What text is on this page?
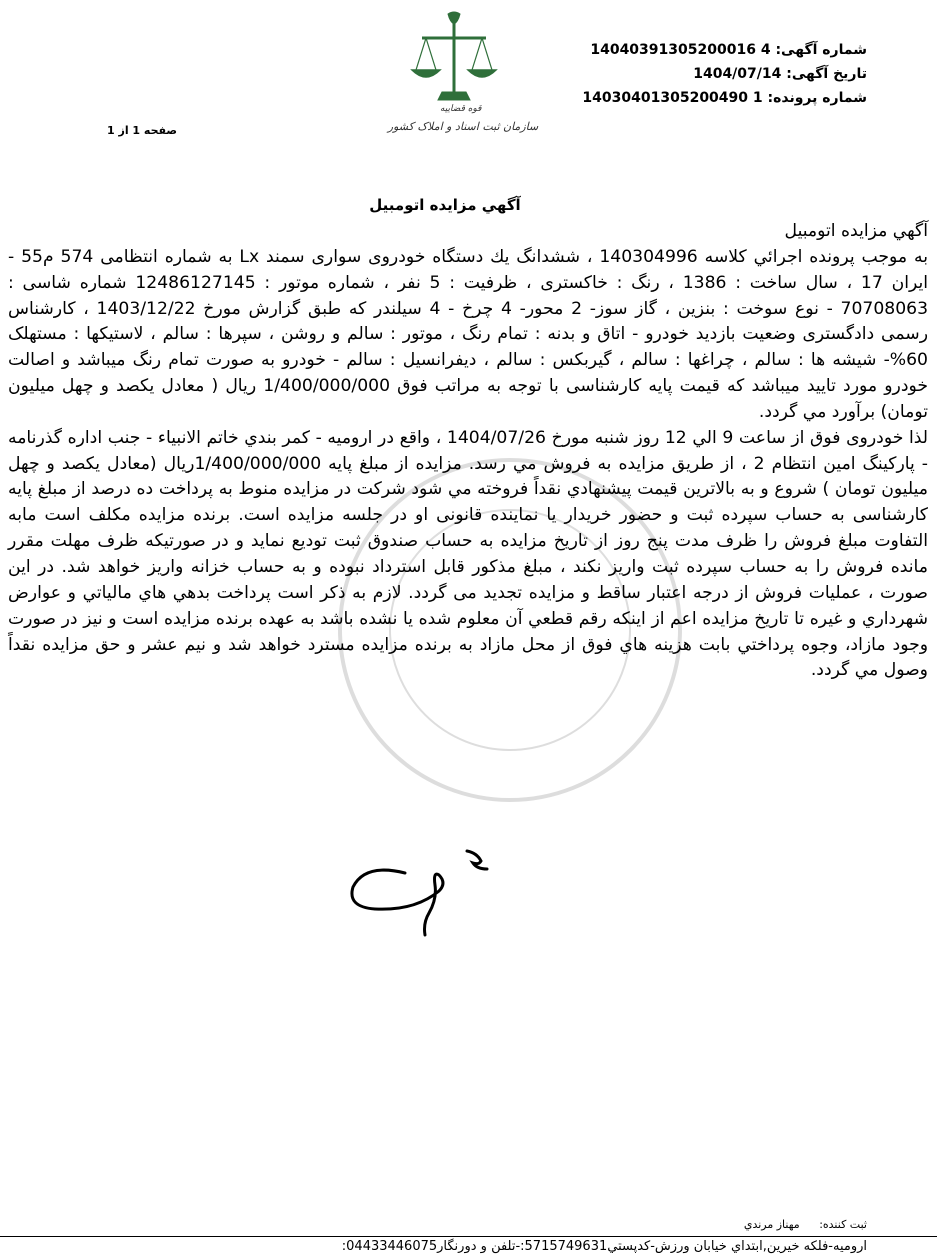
شماره آگهی: 14040391305200016 4
تاریخ آگهی: 1404/07/14
شماره پرونده: 14030401305200490 1
صفحه 1 از 1
قوه قضاییه
سازمان ثبت اسناد و املاک کشور
آگهي مزايده اتومبيل

آگهي مزايده اتومبيل

به موجب پرونده اجرائي كلاسه 140304996 ، ششدانگ يك دستگاه خودروی سواری سمند Lx به شماره انتظامی 574 م55 - ایران 17 ، سال ساخت : 1386 ، رنگ : خاکستری ، ظرفیت : 5 نفر ، شماره موتور : 12486127145 شماره شاسی : 70708063 - نوع سوخت : بنزين ، گاز سوز- 2 محور- 4 چرخ - 4 سیلندر كه طبق گزارش مورخ 1403/12/22 ، كارشناس رسمی دادگستری وضعيت بازديد خودرو - اتاق و بدنه : تمام رنگ ، موتور : سالم و روشن ، سپرها : سالم ، لاستیکها : مستهلک 60%- شیشه ها : سالم ، چراغها : سالم ، گيربكس : سالم ، ديفرانسيل : سالم - خودرو به صورت تمام رنگ ميباشد و اصالت خودرو مورد تاييد ميباشد كه قيمت پايه كارشناسی با توجه به مراتب فوق 1/400/000/000 ريال ( معادل يكصد و چهل ميليون تومان) برآورد مي گردد.

لذا خودروی فوق از ساعت 9 الي 12 روز شنبه مورخ 1404/07/26 ، واقع در اروميه - كمر بندي خاتم الانبياء - جنب اداره گذرنامه - پاركينگ امين انتظام 2 ، از طريق مزايده به فروش مي رسد. مزايده از مبلغ پايه 1/400/000/000ريال (معادل يكصد و چهل ميليون تومان ) شروع و به بالاترين قيمت پيشنهادي نقداً فروخته مي شود شركت در مزايده منوط به پرداخت ده درصد از مبلغ پايه كارشناسی به حساب سپرده ثبت و حضور خريدار يا نماينده قانونی او در جلسه مزايده است. برنده مزايده مكلف است مابه التفاوت مبلغ فروش را ظرف مدت پنج روز از تاريخ مزايده به حساب صندوق ثبت توديع نمايد و در صورتيكه ظرف مهلت مقرر مانده فروش را به حساب سپرده ثبت واريز نكند ، مبلغ مذكور قابل استرداد نبوده و به حساب خزانه واريز خواهد شد. در اين صورت ، عمليات فروش از درجه اعتبار ساقط و مزايده تجديد مى گردد. لازم به ذكر است پرداخت بدهي هاي مالياتي و عوارض شهرداري و غيره تا تاريخ مزايده اعم از اينكه رقم قطعي آن معلوم شده يا نشده باشد به عهده برنده مزايده است و نيز در صورت وجود مازاد، وجوه پرداختي بابت هزينه هاي فوق از محل مازاد به برنده مزايده مسترد خواهد شد و نيم عشر و حق مزايده نقداً وصول مي گردد.

ثبت كننده: مهناز مرندي
اروميه-فلكه خيرين,ابتداي خيابان ورزش-كدپستي5715749631:-تلفن و دورنگار04433446075:
